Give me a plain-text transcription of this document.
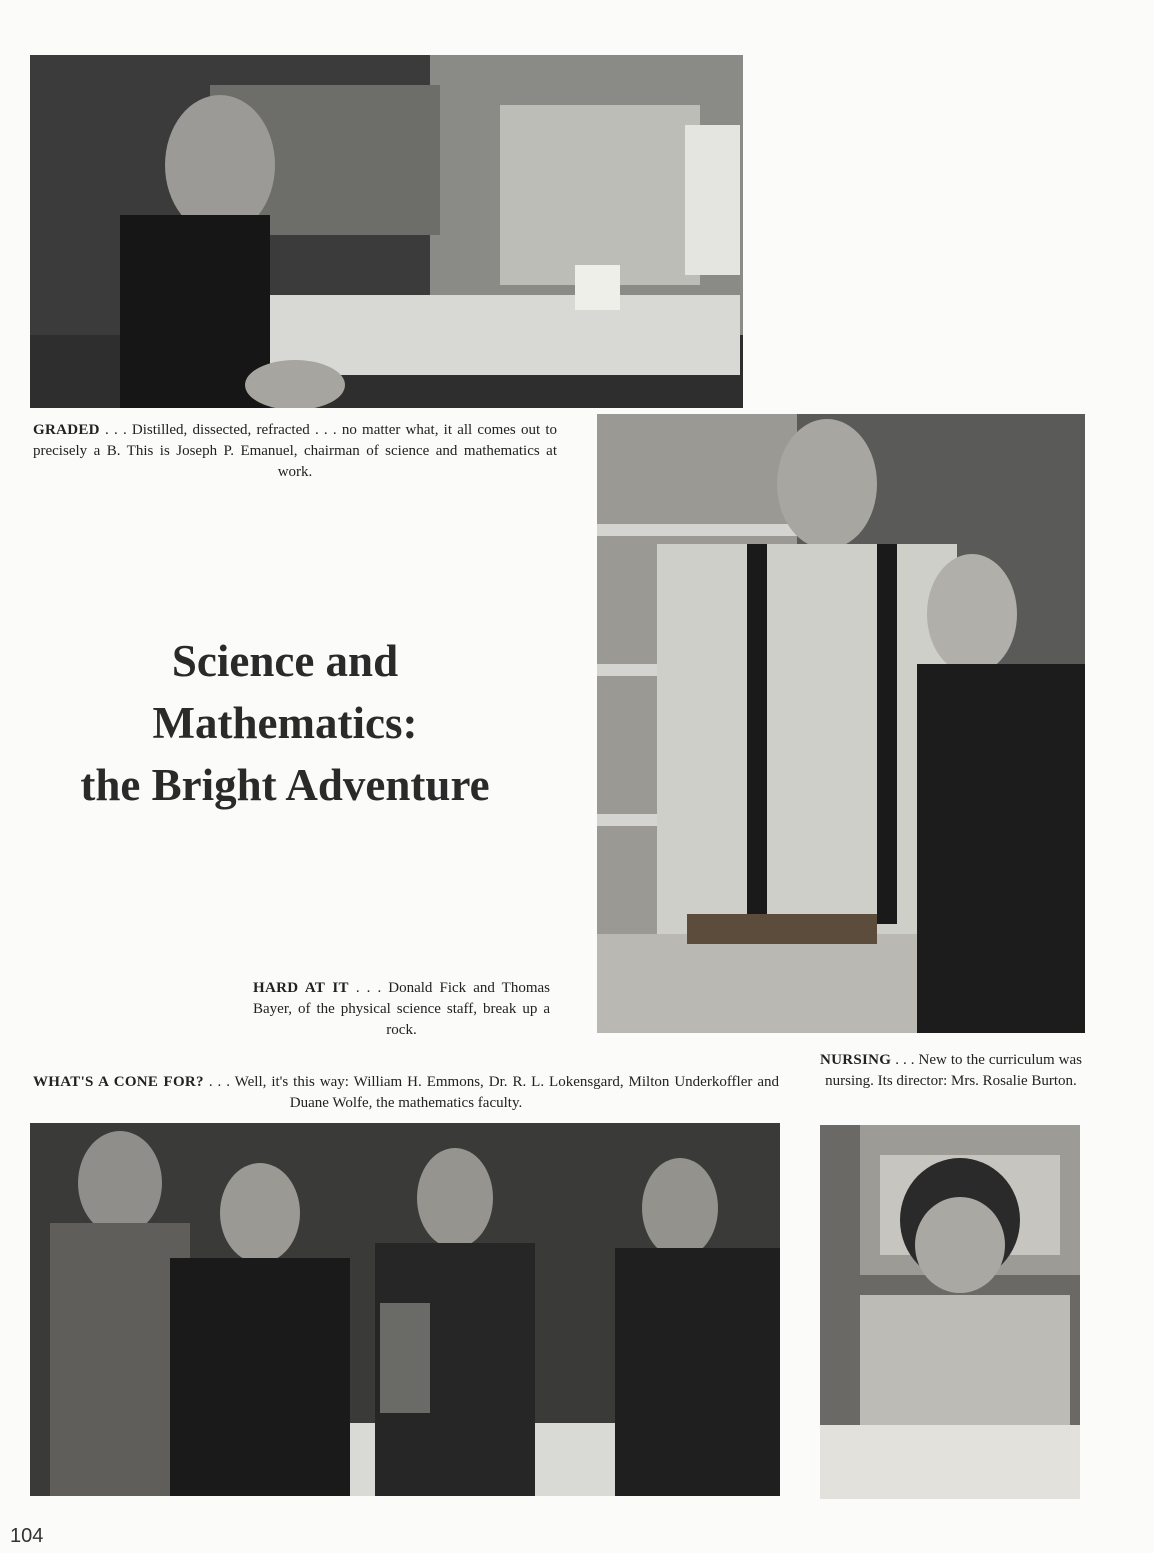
GRADED . . . Distilled, dissected, refracted . . . no matter what, it all comes out to precisely a B. This is Joseph P. Emanuel, chairman of science and mathematics at work.
Science and
Mathematics:
the Bright Adventure
HARD AT IT . . . Donald Fick and Thomas Bayer, of the physical science staff, break up a rock.
WHAT'S A CONE FOR? . . . Well, it's this way: William H. Emmons, Dr. R. L. Lokensgard, Milton Underkoffler and Duane Wolfe, the mathematics faculty.
NURSING . . . New to the curriculum was nursing. Its director: Mrs. Rosalie Burton.
104
